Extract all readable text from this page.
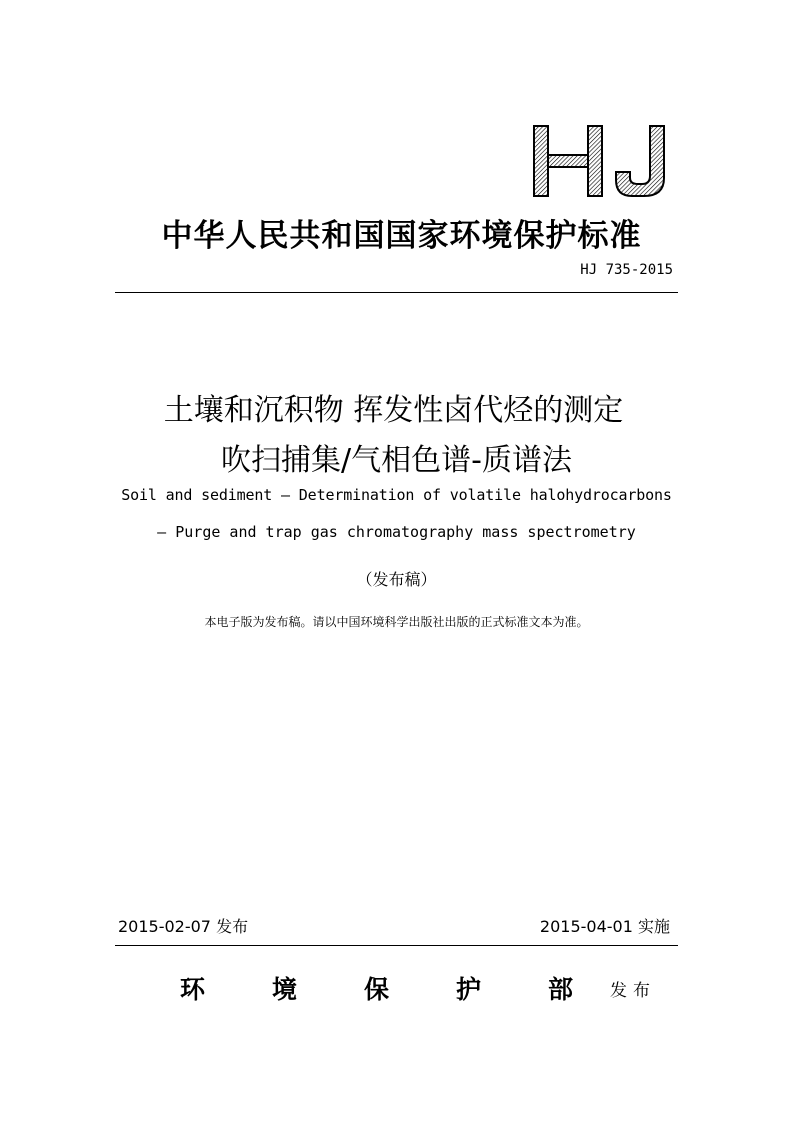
HJ
中华人民共和国国家环境保护标准
HJ 735-2015
土壤和沉积物 挥发性卤代烃的测定
吹扫捕集/气相色谱-质谱法
Soil and sediment — Determination of volatile halohydrocarbons
— Purge and trap gas chromatography mass spectrometry
（发布稿）
本电子版为发布稿。请以中国环境科学出版社出版的正式标准文本为准。
2015-02-07 发布	2015-04-01 实施
环	境	保	护	部 发布
